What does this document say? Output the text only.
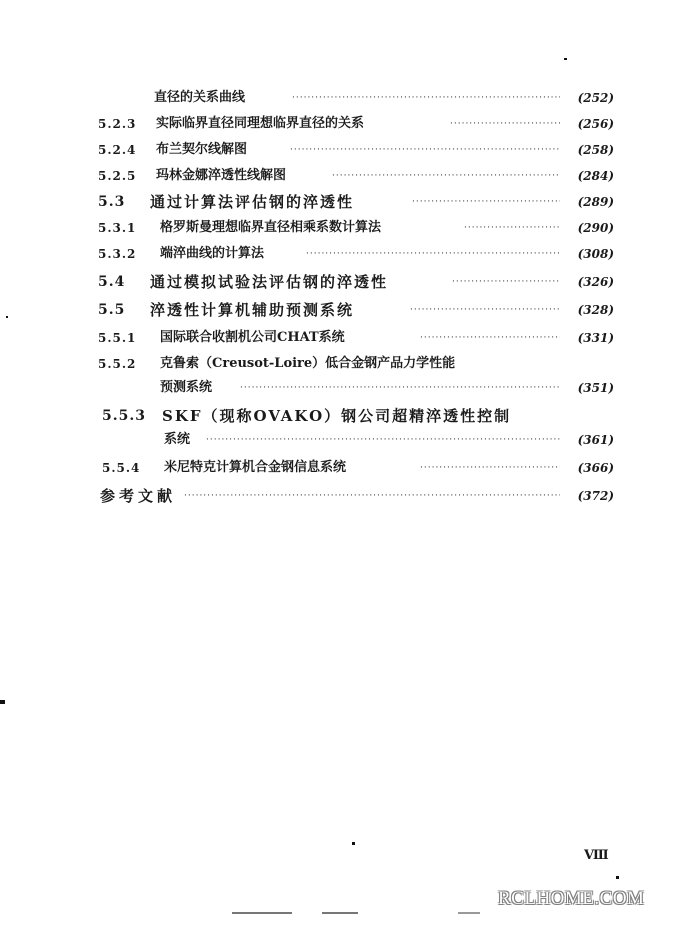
直径的关系曲线 ·····	(252)
5.2.3 实际临界直径同理想临界直径的关系 ·····	(256)
5.2.4 布兰契尔线解图 ·····	(258)
5.2.5 玛林金娜淬透性线解图 ·····	(284)
5.3 通过计算法评估钢的淬透性 ·····	(289)
5.3.1 格罗斯曼理想临界直径相乘系数计算法 ·····	(290)
5.3.2 端淬曲线的计算法 ·····	(308)
5.4 通过模拟试验法评估钢的淬透性 ·····	(326)
5.5 淬透性计算机辅助预测系统 ·····	(328)
5.5.1 国际联合收割机公司CHAT系统 ·····	(331)
5.5.2 克鲁索（Creusot-Loire）低合金钢产品力学性能
预测系统 ·····	(351)
5.5.3 SKF（现称OVAKO）钢公司超精淬透性控制
系统 ·····	(361)
5.5.4 米尼特克计算机合金钢信息系统 ·····	(366)
参考文献 ·····	(372)
Ⅷ
RCLHOME.COM
